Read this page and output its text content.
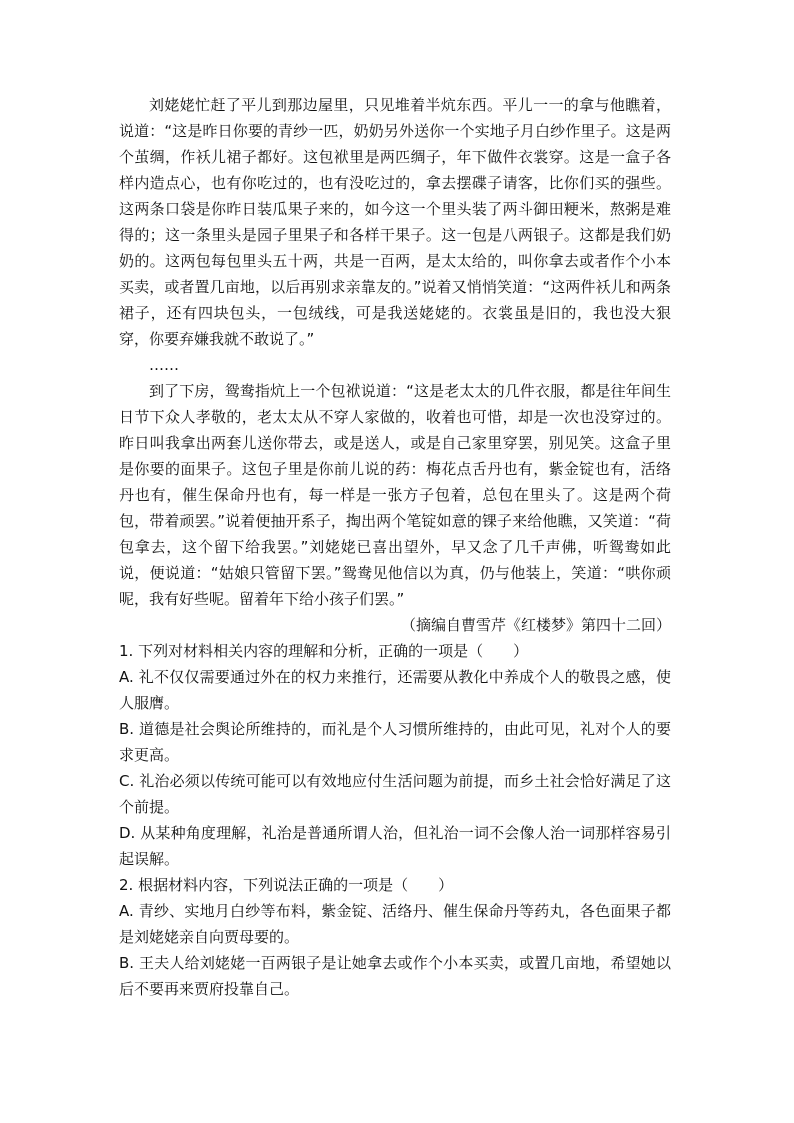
刘姥姥忙赶了平儿到那边屋里，只见堆着半炕东西。平儿一一的拿与他瞧着，说道：“这是昨日你要的青纱一匹，奶奶另外送你一个实地子月白纱作里子。这是两个茧绸，作袄儿裙子都好。这包袱里是两匹绸子，年下做件衣裳穿。这是一盒子各样内造点心，也有你吃过的，也有没吃过的，拿去摆碟子请客，比你们买的强些。这两条口袋是你昨日装瓜果子来的，如今这一个里头装了两斗御田粳米，熬粥是难得的；这一条里头是园子里果子和各样干果子。这一包是八两银子。这都是我们奶奶的。这两包每包里头五十两，共是一百两，是太太给的，叫你拿去或者作个小本买卖，或者置几亩地，以后再别求亲靠友的。”说着又悄悄笑道：“这两件袄儿和两条裙子，还有四块包头，一包绒线，可是我送姥姥的。衣裳虽是旧的，我也没大狠穿，你要弃嫌我就不敢说了。”

……

到了下房，鸳鸯指炕上一个包袱说道：“这是老太太的几件衣服，都是往年间生日节下众人孝敬的，老太太从不穿人家做的，收着也可惜，却是一次也没穿过的。昨日叫我拿出两套儿送你带去，或是送人，或是自己家里穿罢，别见笑。这盒子里是你要的面果子。这包子里是你前儿说的药：梅花点舌丹也有，紫金锭也有，活络丹也有，催生保命丹也有，每一样是一张方子包着，总包在里头了。这是两个荷包，带着顽罢。”说着便抽开系子，掏出两个笔锭如意的锞子来给他瞧，又笑道：“荷包拿去，这个留下给我罢。”刘姥姥已喜出望外，早又念了几千声佛，听鸳鸯如此说，便说道：“姑娘只管留下罢。”鸳鸯见他信以为真，仍与他装上，笑道：“哄你顽呢，我有好些呢。留着年下给小孩子们罢。”

（摘编自曹雪芹《红楼梦》第四十二回）

1. 下列对材料相关内容的理解和分析，正确的一项是（　　）

A. 礼不仅仅需要通过外在的权力来推行，还需要从教化中养成个人的敬畏之感，使人服膺。

B. 道德是社会舆论所维持的，而礼是个人习惯所维持的，由此可见，礼对个人的要求更高。

C. 礼治必须以传统可能可以有效地应付生活问题为前提，而乡土社会恰好满足了这个前提。

D. 从某种角度理解，礼治是普通所谓人治，但礼治一词不会像人治一词那样容易引起误解。

2. 根据材料内容，下列说法正确的一项是（　　）

A. 青纱、实地月白纱等布料，紫金锭、活络丹、催生保命丹等药丸，各色面果子都是刘姥姥亲自向贾母要的。

B. 王夫人给刘姥姥一百两银子是让她拿去或作个小本买卖，或置几亩地，希望她以后不要再来贾府投靠自己。
